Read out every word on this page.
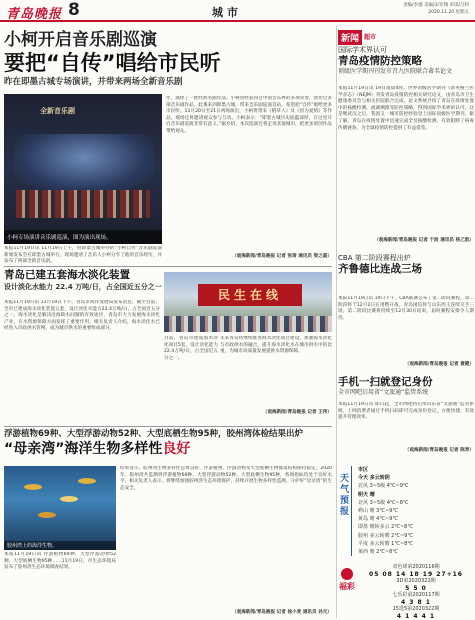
青岛晚报 8	城市
责编/李强 美编/宋军翔 审读/吕阿
2020.11.20 星期五
小柯开启音乐剧巡演
要把“自传”唱给市民听
昨在即墨古城专场演讲，并带来两场全新音乐剧
全新音乐剧
小柯专场演讲音乐剧巡演，图为演出现场。
本报11月19日讯 11月19日上午，由即墨古城举办的“小柯自传”音乐剧巡演新闻发布会在即墨古城举行，现场邀请了音乐人小柯分享了他的音乐经历，并发布了两部全新音乐剧。
作，演绎了一批经典名曲作品。小柯曾经获得过中国音乐界的多项荣誉，创作过多部音乐剧作品，此番来到即墨古城，带来音乐剧巡演首站，希望把“自传”唱给更多市民听。11月20日至21日两场演出，小柯将带来《稻草人》及《因为爱情》等作品，现场还将邀请观众参与互动。小柯表示：“即墨古城历史底蕴深厚，在这里开启音乐剧巡演非常有意义。”据介绍，本次巡演还将走进其他城市，把更多原创作品带给观众。
（观海新闻/青岛晚报 记者 张琦 通讯员 梁之磊）
青岛已建五套海水淡化装置
设计淡化水能力 22.4 万吨/日，占全国近五分之一
本报11月19日讯 11月19日下午，青岛市海洋发展局发布消息，截至目前，全市已建成海水淡化装置五套，设计淡化水能力22.4万吨/日，占全国近五分之一。海水淡化是解决沿海缺水问题的有效途径，青岛市大力发展海水淡化产业，在水资源保障方面发挥了重要作用。相关负责人介绍，海水淡化水已经进入市政供水管网，成为城市供水的重要组成部分。
民生在线
目前，青岛市建成海水淡化项目5套，设计淡化能力22.4万吨/日，占全国近五分之一。
未来青岛将继续推进海水淡化项目建设，加强海水淡化与市政供水的融合，提升海水淡化水在城市供水中的比重，为城市高质量发展提供水资源保障。
（观海新闻/青岛晚报 记者 王伟）
浮游植物69种、大型浮游动物52种、大型底栖生物95种，胶州湾体检结果出炉
“母亲湾”海洋生物多样性良好
胶州湾上的海洋生物。
本报11月19日讯 浮游植物69种、大型浮游动物52种、大型底栖生物95种……11月19日，市生态环境局发布了胶州湾生态环境调查结果。
结果显示，胶州湾生物多样性总体良好，浮游植物、浮游动物及大型底栖生物群落结构保持稳定。2020年，胶州湾共监测到浮游植物69种、大型浮游动物52种、大型底栖生物95种，各项指标均处于良好水平。相关负责人表示，将继续加强胶州湾生态环境保护，持续开展生物多样性监测，守护好“母亲湾”的生态安全。
（观海新闻/青岛晚报 记者 徐小麦 通讯员 孙元）
新闻 超市
国际学术界认可
青岛疫情防控策略
顶级医学期刊刊发市召九医院联合著名论文
本报11月19日讯 19日凌晨4时，世界顶级医学期刊《新英格兰医学杂志》（NEJM）刊发青岛疫情防控相关研究论文，由青岛市卫生健康委员会与相关医院联合完成。论文系统介绍了青岛在疫情处置中的核酸检测、流调溯源等防控策略，得到国际学术界的认可。这是继武汉之后，我国又一城市防控经验登上国际顶级医学期刊。据了解，青岛在疫情处置中迅速完成全员核酸检测，有效阻断了病毒传播链条，为全球疫情防控提供了有益借鉴。
（观海新闻/青岛晚报 记者 于波 通讯员 杨乙凯）
CBA 第二阶段赛程出炉
齐鲁德比连战三场
本报11月19日讯 19日下午，CBA联赛公布了第二阶段赛程，第二阶段将于12月2日在诸暨开战。青岛国信将与山东西王连续交手三场，第二阶段比赛将持续至12月30日结束，届时赛程安排令人期待。
（观海新闻/青岛晚报 记者 黄健）
手机一扫就登记身份
全市网吧启用省“文旅通”监管系统
本报11月19日讯 即日起，全市网吧将启用山东省“文旅通”监管系统，上网消费者通过手机扫码即可完成身份登记，方便快捷，有效提升管理效率。
（观海新闻/青岛晚报 记者 陈寿）
天气预报
市区
今天 多云转阴
北风 3~5级 4℃~9℃
明天 晴
北风 3~5级 4℃~8℃
崂山 晴 3℃~9℃
黄岛 晴 4℃~9℃
即墨 晴转多云 2℃~8℃
胶州 多云转晴 2℃~9℃
平度 多云转晴 1℃~8℃
莱西 晴 2℃~8℃
福彩
双色球第2020116期
05 08 14 18 19 27+16
3D第2020322期
5 5 0
七乐彩第2020117期
4 3 8 1
15选5第2020322期
4 1 4 4 1
